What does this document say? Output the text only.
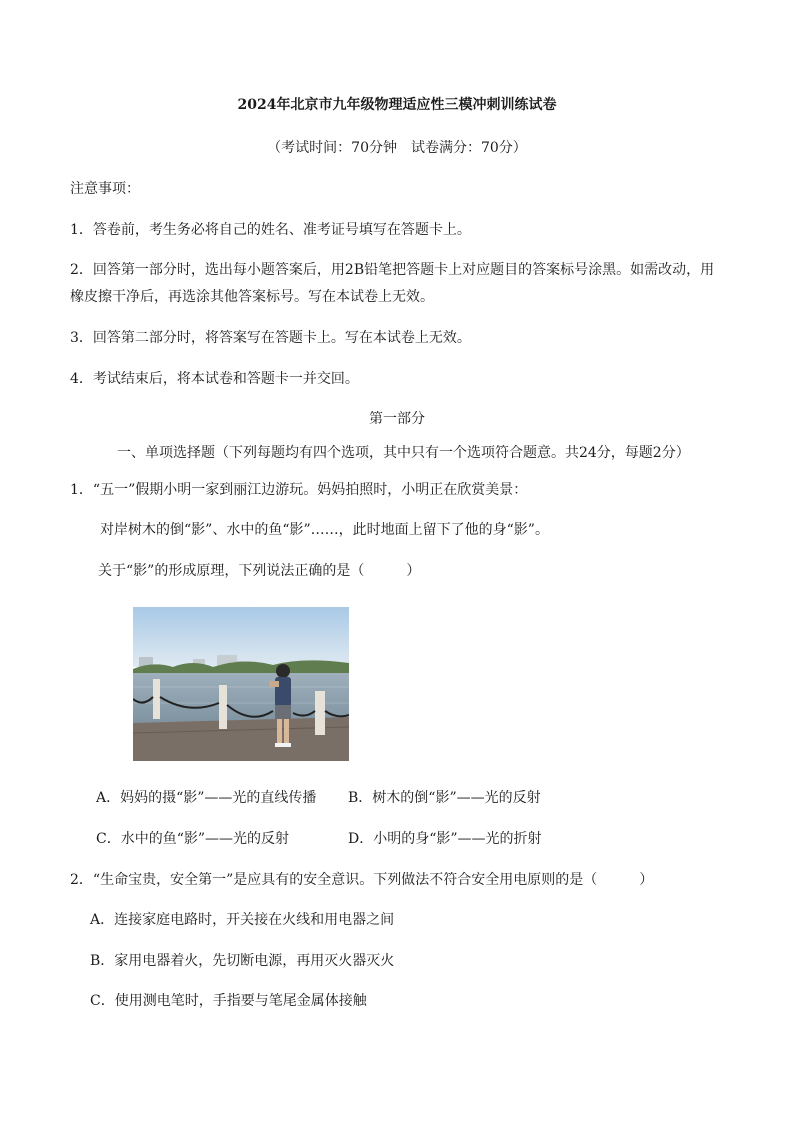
2024年北京市九年级物理适应性三模冲刺训练试卷
（考试时间：70分钟　试卷满分：70分）
注意事项：
1．答卷前，考生务必将自己的姓名、准考证号填写在答题卡上。
2．回答第一部分时，选出每小题答案后，用2B铅笔把答题卡上对应题目的答案标号涂黑。如需改动，用
橡皮擦干净后，再选涂其他答案标号。写在本试卷上无效。
3．回答第二部分时，将答案写在答题卡上。写在本试卷上无效。
4．考试结束后，将本试卷和答题卡一并交回。
第一部分
一、单项选择题（下列每题均有四个选项，其中只有一个选项符合题意。共24分，每题2分）
1．“五一”假期小明一家到丽江边游玩。妈妈拍照时，小明正在欣赏美景：
对岸树木的倒“影”、水中的鱼“影”……，此时地面上留下了他的身“影”。
关于“影”的形成原理，下列说法正确的是（　　　）
A．妈妈的摄“影”——光的直线传播 B．树木的倒“影”——光的反射
C．水中的鱼“影”——光的反射	D．小明的身“影”——光的折射
2．“生命宝贵，安全第一”是应具有的安全意识。下列做法不符合安全用电原则的是（　　　）
A．连接家庭电路时，开关接在火线和用电器之间
B．家用电器着火，先切断电源，再用灭火器灭火
C．使用测电笔时，手指要与笔尾金属体接触
